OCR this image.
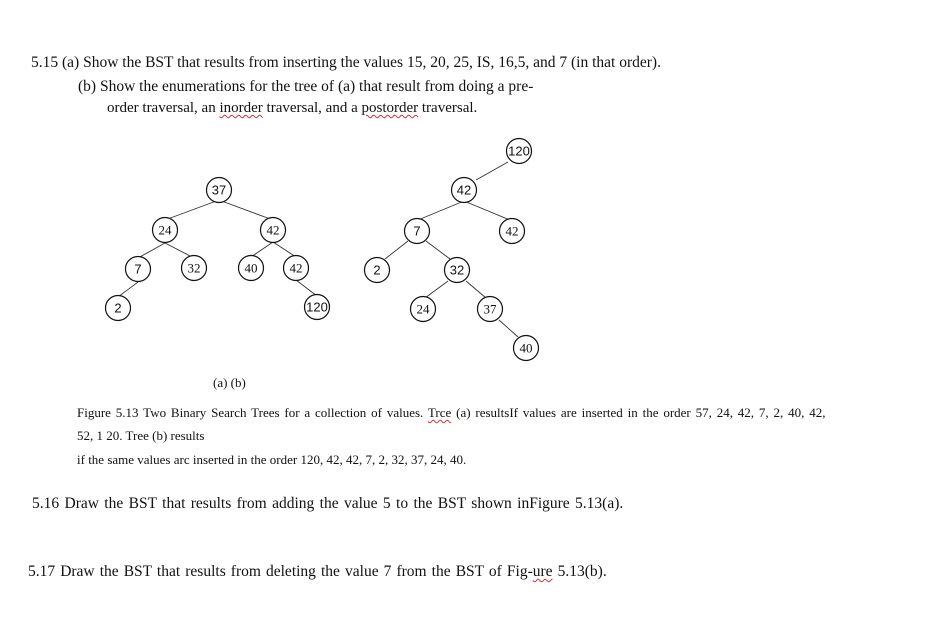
5.15 (a) Show the BST that results from inserting the values 15, 20, 25, IS, 16,5, and 7 (in that order).
(b) Show the enumerations for the tree of (a) that result from doing a pre-
order traversal, an inorder traversal, and a postorder traversal.
37
24	42
7	32	40 42
2	120
120
42
7	42
2	32
24	37
40
(a) (b)
Figure 5.13 Two Binary Search Trees for a collection of values. Trce (a) resultsIf values are inserted in the order 57, 24, 42, 7, 2, 40, 42,
52, 1 20. Tree (b) results
if the same values arc inserted in the order 120, 42, 42, 7, 2, 32, 37, 24, 40.
5.16 Draw the BST that results from adding the value 5 to the BST shown inFigure 5.13(a).
5.17 Draw the BST that results from deleting the value 7 from the BST of Fig-ure 5.13(b).
